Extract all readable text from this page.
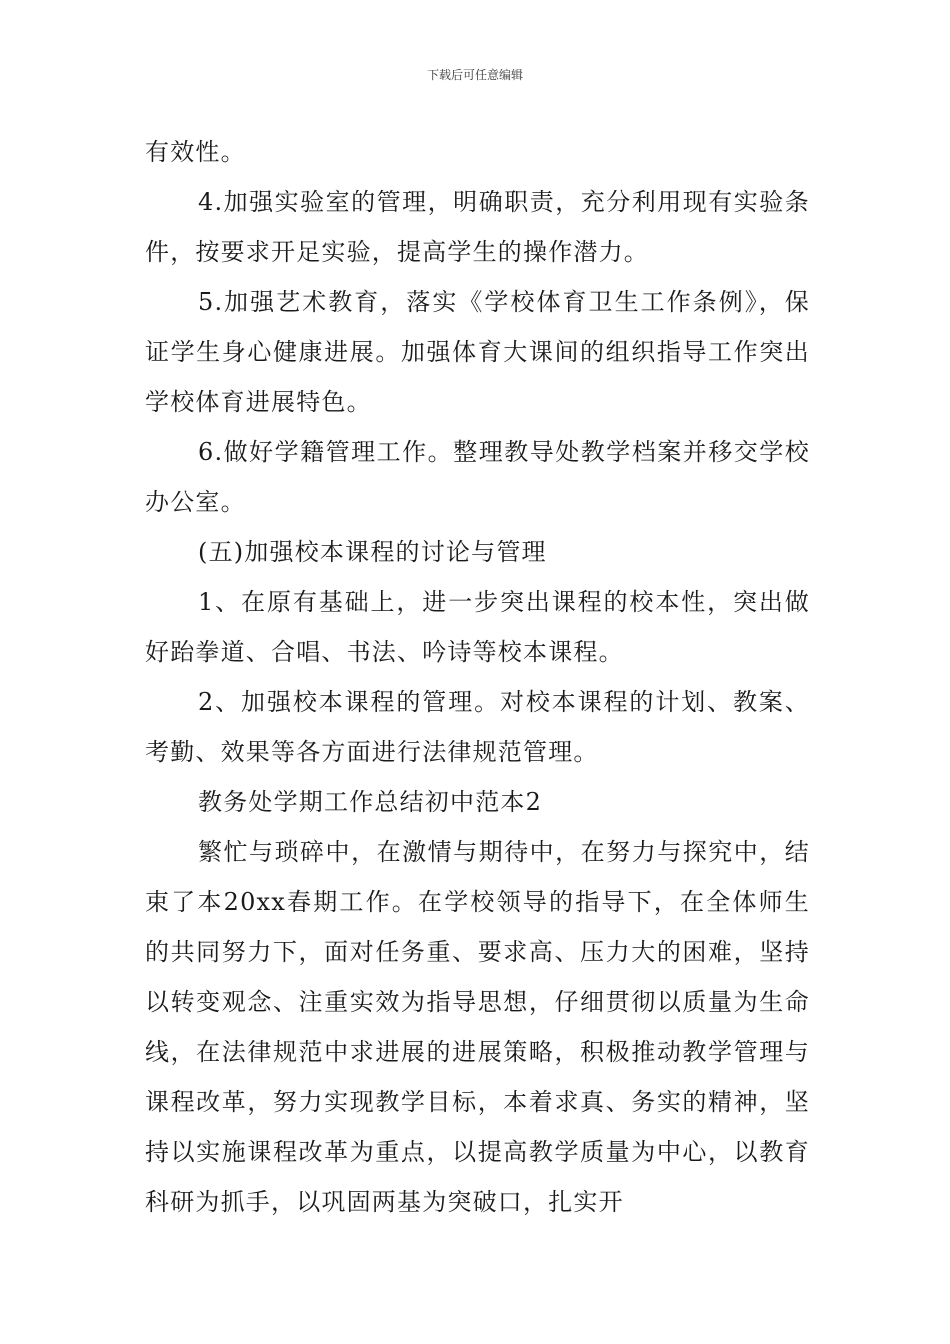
下载后可任意编辑

有效性。

4.加强实验室的管理，明确职责，充分利用现有实验条件，按要求开足实验，提高学生的操作潜力。

5.加强艺术教育，落实《学校体育卫生工作条例》，保证学生身心健康进展。加强体育大课间的组织指导工作突出学校体育进展特色。

6.做好学籍管理工作。整理教导处教学档案并移交学校办公室。

(五)加强校本课程的讨论与管理

1、在原有基础上，进一步突出课程的校本性，突出做好跆拳道、合唱、书法、吟诗等校本课程。

2、加强校本课程的管理。对校本课程的计划、教案、考勤、效果等各方面进行法律规范管理。

教务处学期工作总结初中范本2

繁忙与琐碎中，在激情与期待中，在努力与探究中，结束了本20xx春期工作。在学校领导的指导下，在全体师生的共同努力下，面对任务重、要求高、压力大的困难，坚持以转变观念、注重实效为指导思想，仔细贯彻以质量为生命线，在法律规范中求进展的进展策略，积极推动教学管理与课程改革，努力实现教学目标，本着求真、务实的精神，坚持以实施课程改革为重点，以提高教学质量为中心，以教育科研为抓手，以巩固两基为突破口，扎实开
